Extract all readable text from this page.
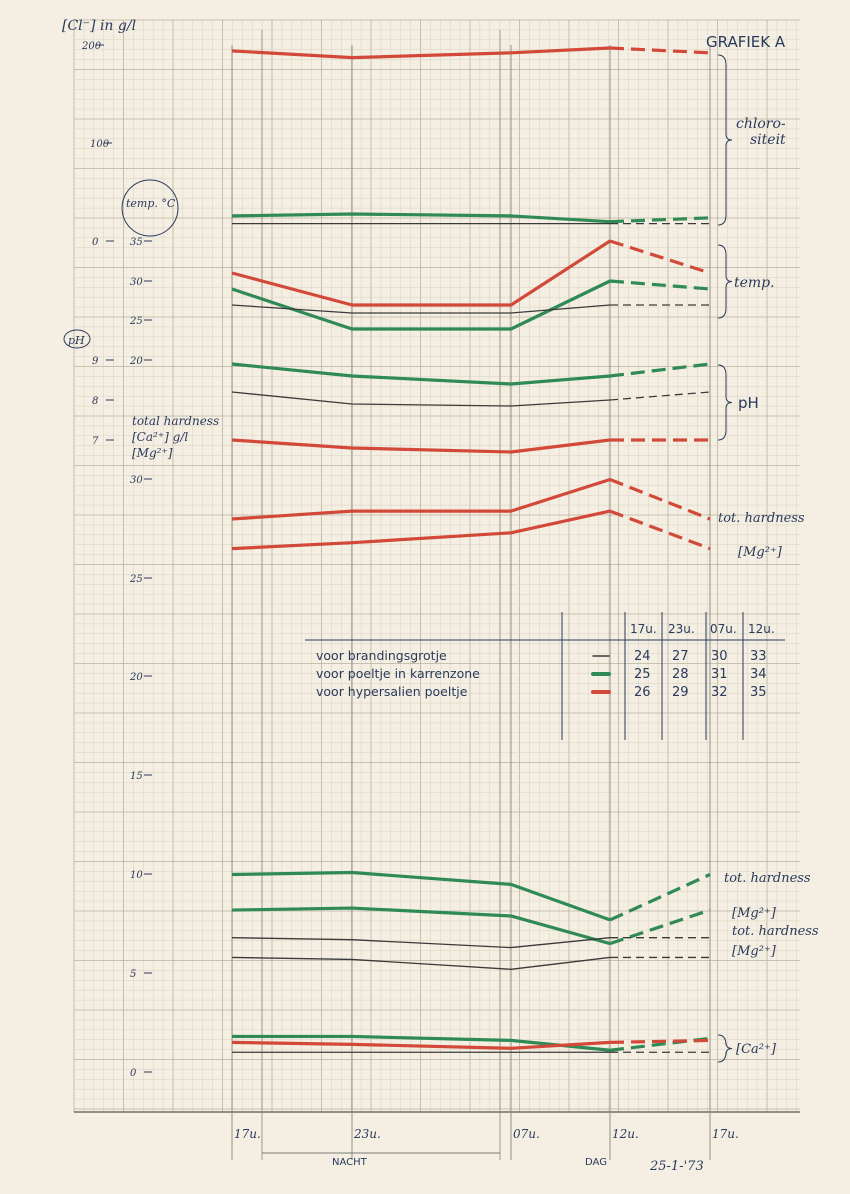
17u.	23u.	07u.	12u.	17u.
200
100
0	35
30
25
20
9
8
7
30
25
20
15
10
5
0
[Cl⁻] in g/l
temp. °C
pH
total hardness
[Ca²⁺] g/l
[Mg²⁺]
chloro-
siteit
temp.
pH
tot. hardness
[Mg²⁺]
tot. hardness
[Mg²⁺]
tot. hardness
[Mg²⁺]
[Ca²⁺]
17u. 23u. 07u. 12u.
voor brandingsgrotje	24 27 30 33
voor poeltje in karrenzone	25 28 31 34
voor hypersalien poeltje	26 29 32 35
GRAFIEK A
25-1-'73
NACHT	DAG
